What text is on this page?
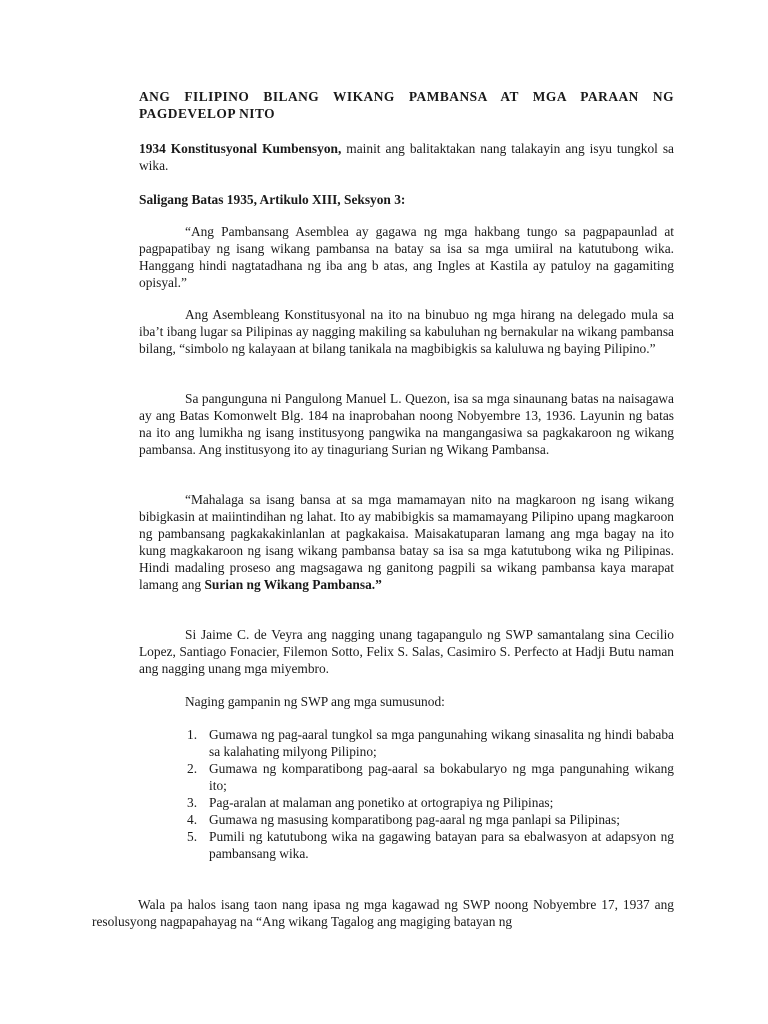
ANG FILIPINO BILANG WIKANG PAMBANSA AT MGA PARAAN NG PAGDEVELOP NITO

1934 Konstitusyonal Kumbensyon, mainit ang balitaktakan nang talakayin ang isyu tungkol sa wika.

Saligang Batas 1935, Artikulo XIII, Seksyon 3:

“Ang Pambansang Asemblea ay gagawa ng mga hakbang tungo sa pagpapaunlad at pagpapatibay ng isang wikang pambansa na batay sa isa sa mga umiiral na katutubong wika. Hanggang hindi nagtatadhana ng iba ang b atas, ang Ingles at Kastila ay patuloy na gagamiting opisyal.”

Ang Asembleang Konstitusyonal na ito na binubuo ng mga hirang na delegado mula sa iba’t ibang lugar sa Pilipinas ay nagging makiling sa kabuluhan ng bernakular na wikang pambansa bilang, “simbolo ng kalayaan at bilang tanikala na magbibigkis sa kaluluwa ng baying Pilipino.”

Sa pangunguna ni Pangulong Manuel L. Quezon, isa sa mga sinaunang batas na naisagawa ay ang Batas Komonwelt Blg. 184 na inaprobahan noong Nobyembre 13, 1936. Layunin ng batas na ito ang lumikha ng isang institusyong pangwika na mangangasiwa sa pagkakaroon ng wikang pambansa. Ang institusyong ito ay tinaguriang Surian ng Wikang Pambansa.

“Mahalaga sa isang bansa at sa mga mamamayan nito na magkaroon ng isang wikang bibigkasin at maiintindihan ng lahat. Ito ay mabibigkis sa mamamayang Pilipino upang magkaroon ng pambansang pagkakakinlanlan at pagkakaisa. Maisakatuparan lamang ang mga bagay na ito kung magkakaroon ng isang wikang pambansa batay sa isa sa mga katutubong wika ng Pilipinas. Hindi madaling proseso ang magsagawa ng ganitong pagpili sa wikang pambansa kaya marapat lamang ang Surian ng Wikang Pambansa.”

Si Jaime C. de Veyra ang nagging unang tagapangulo ng SWP samantalang sina Cecilio Lopez, Santiago Fonacier, Filemon Sotto, Felix S. Salas, Casimiro S. Perfecto at Hadji Butu naman ang nagging unang mga miyembro.

Naging gampanin ng SWP ang mga sumusunod:

1. Gumawa ng pag-aaral tungkol sa mga pangunahing wikang sinasalita ng hindi bababa sa kalahating milyong Pilipino;
2. Gumawa ng komparatibong pag-aaral sa bokabularyo ng mga pangunahing wikang ito;
3. Pag-aralan at malaman ang ponetiko at ortograpiya ng Pilipinas;
4. Gumawa ng masusing komparatibong pag-aaral ng mga panlapi sa Pilipinas;
5. Pumili ng katutubong wika na gagawing batayan para sa ebalwasyon at adapsyon ng pambansang wika.

Wala pa halos isang taon nang ipasa ng mga kagawad ng SWP noong Nobyembre 17, 1937 ang resolusyong nagpapahayag na “Ang wikang Tagalog ang magiging batayan ng
